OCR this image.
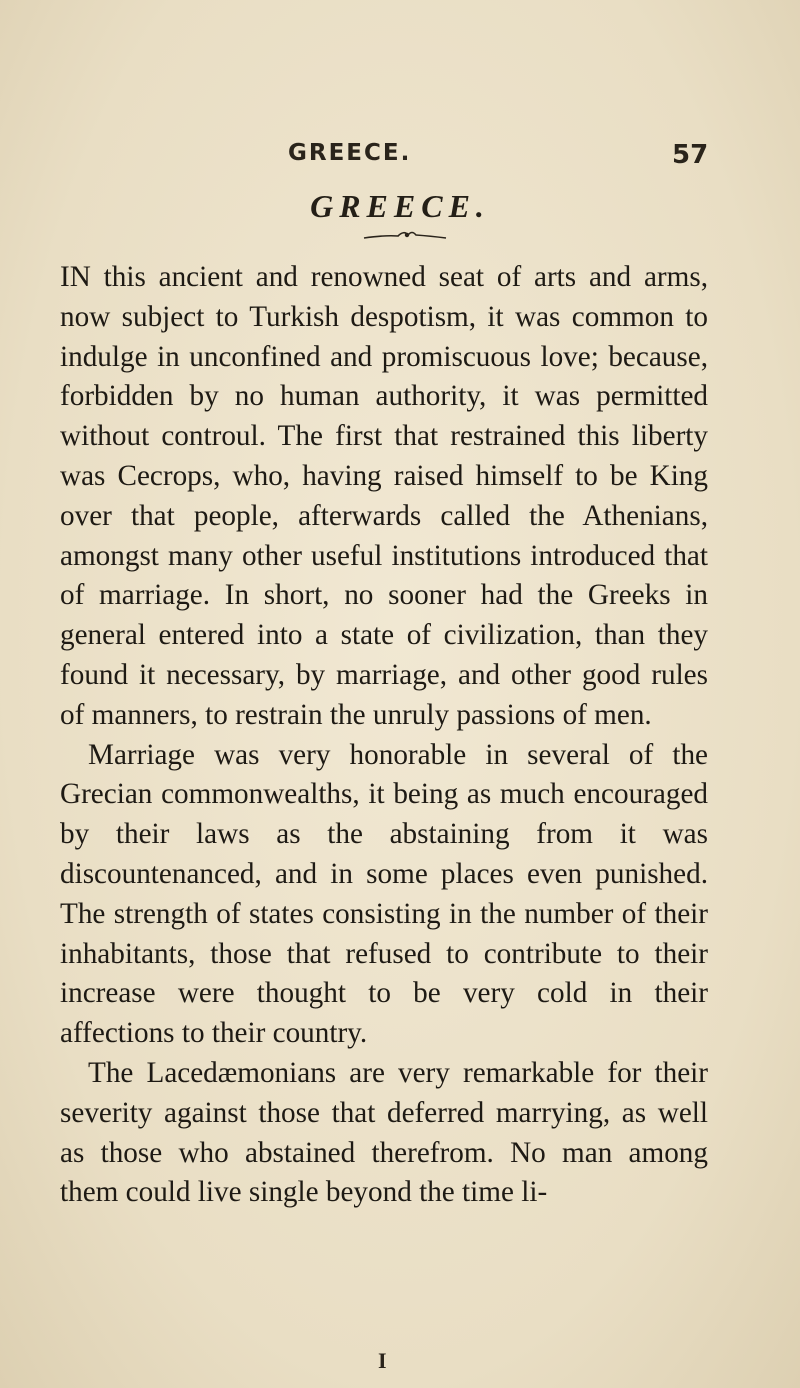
GREECE.	57
GREECE.

IN this ancient and renowned seat of arts and arms, now subject to Turkish despotism, it was common to indulge in unconfined and promiscuous love; because, forbidden by no human authority, it was permitted without controul. The first that restrained this liberty was Cecrops, who, having raised himself to be King over that people, afterwards called the Athenians, amongst many other useful institutions introduced that of marriage. In short, no sooner had the Greeks in general entered into a state of civilization, than they found it necessary, by marriage, and other good rules of manners, to restrain the unruly passions of men.

Marriage was very honorable in several of the Grecian commonwealths, it being as much encouraged by their laws as the abstaining from it was discountenanced, and in some places even punished. The strength of states consisting in the number of their inhabitants, those that refused to contribute to their increase were thought to be very cold in their affections to their country.

The Lacedæmonians are very remarkable for their severity against those that deferred marrying, as well as those who abstained therefrom. No man among them could live single beyond the time li-

I
